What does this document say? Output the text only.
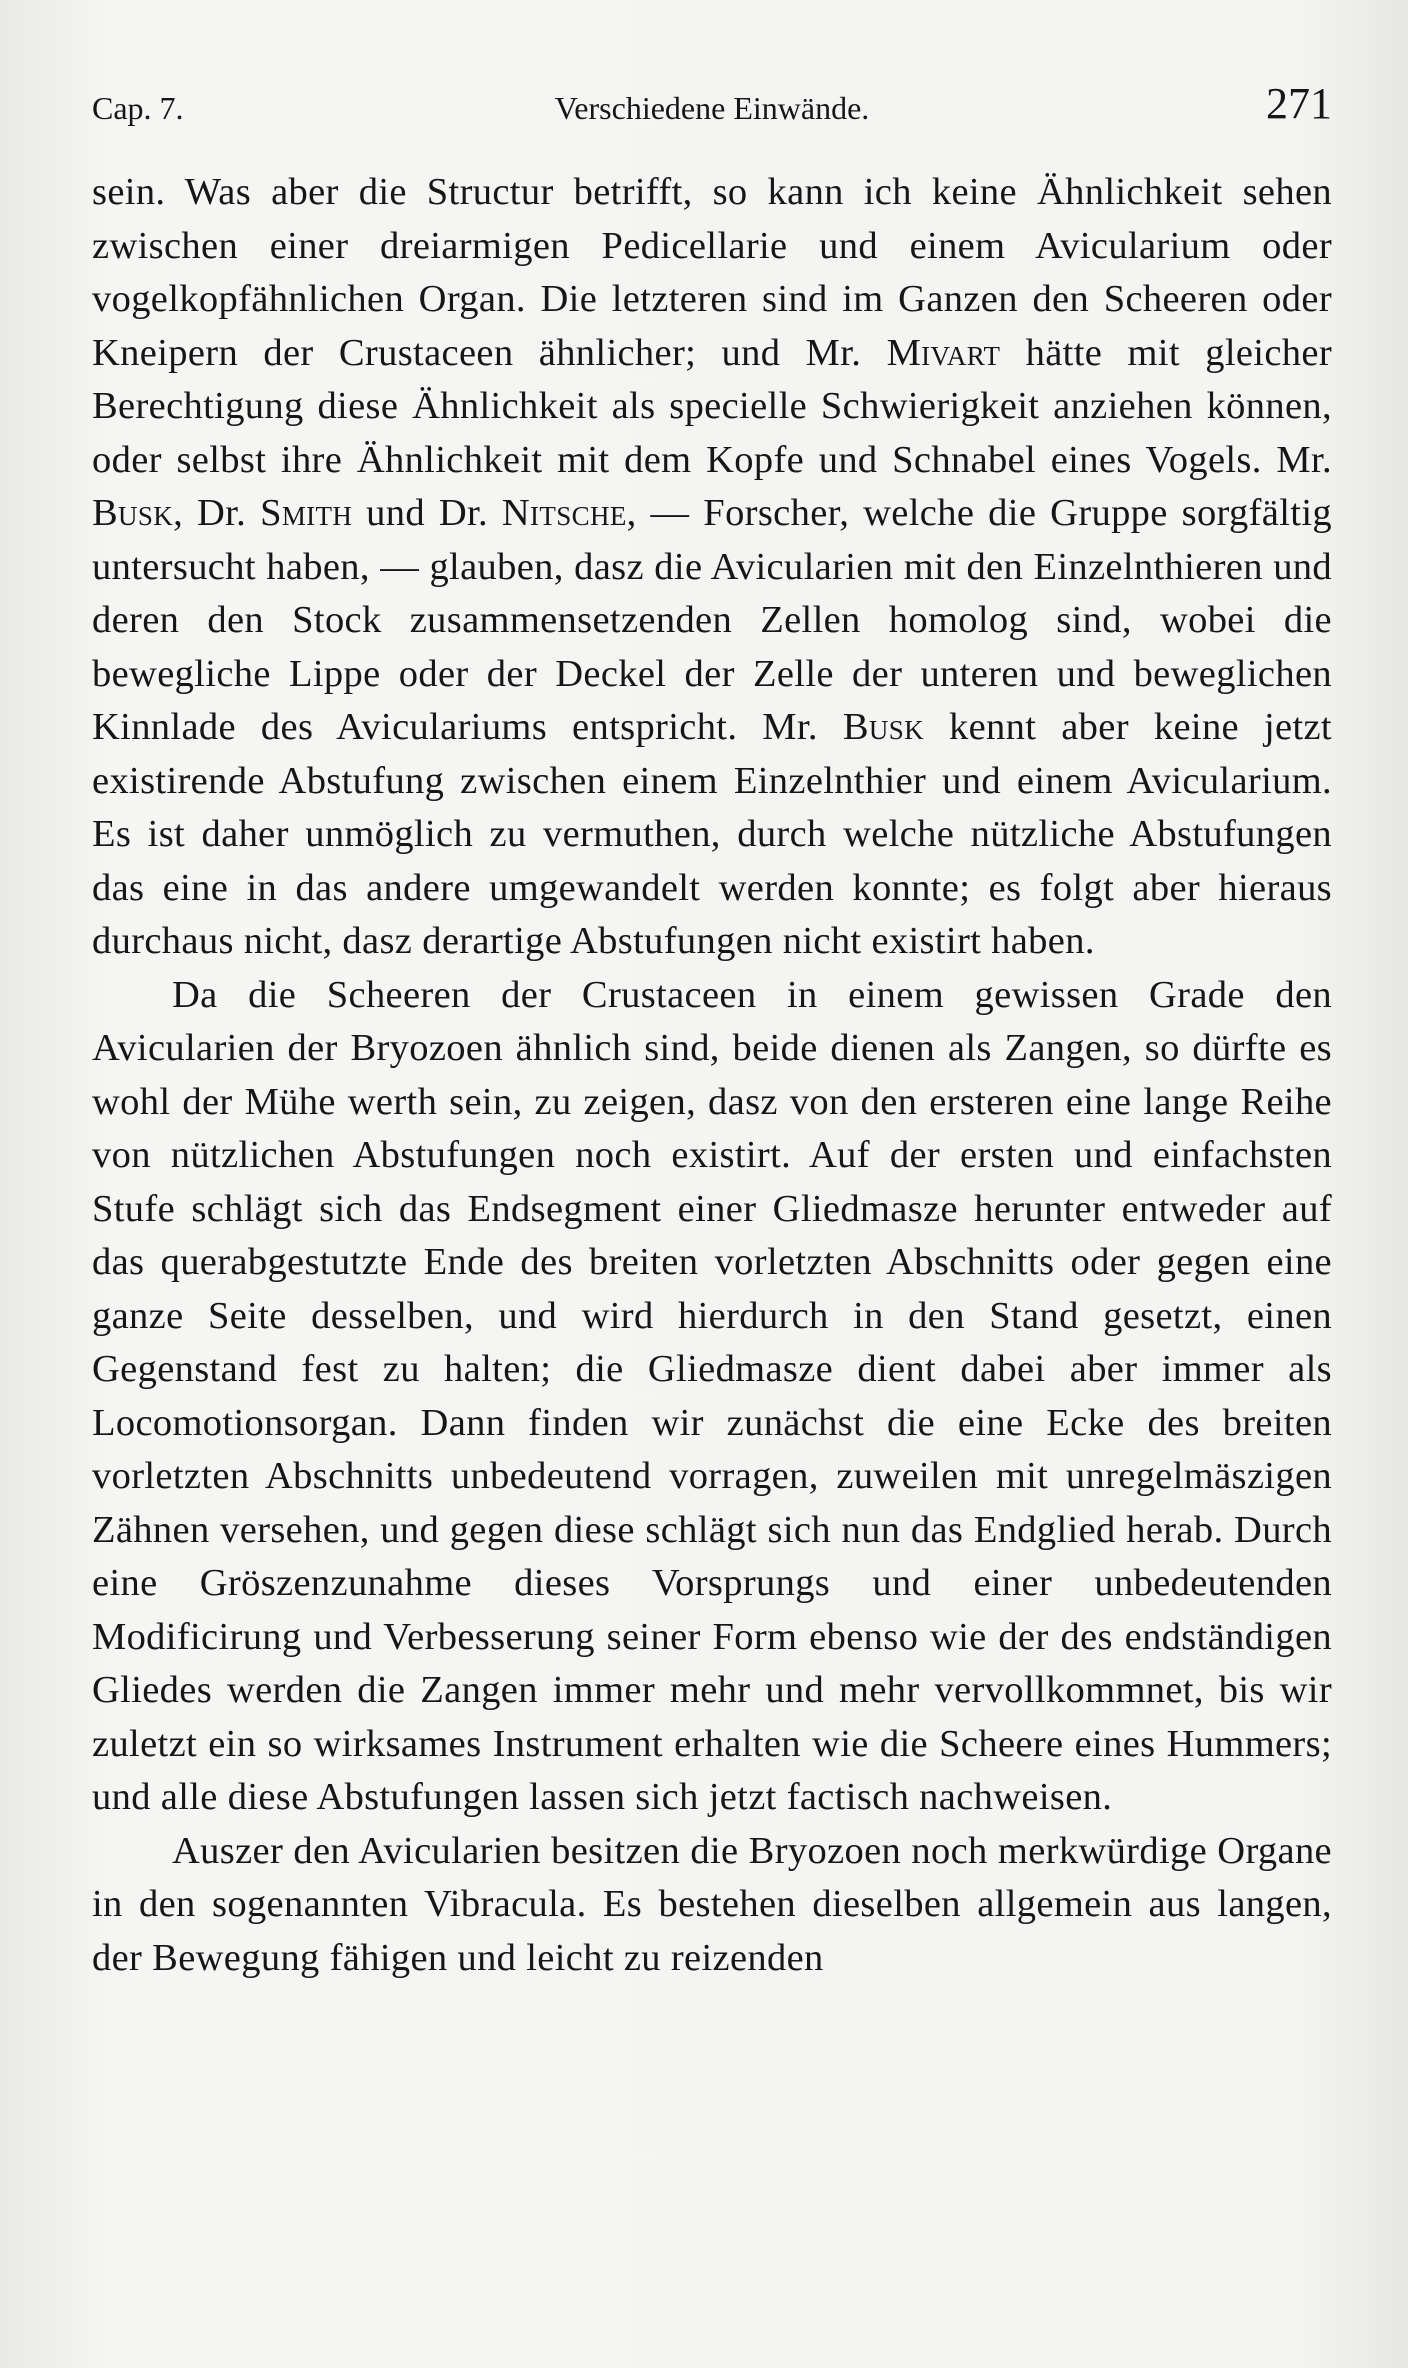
Cap. 7.	Verschiedene Einwände.	271

sein. Was aber die Structur betrifft, so kann ich keine Ähnlichkeit sehen zwischen einer dreiarmigen Pedicellarie und einem Avicularium oder vogelkopfähnlichen Organ. Die letzteren sind im Ganzen den Scheeren oder Kneipern der Crustaceen ähnlicher; und Mr. Mivart hätte mit gleicher Berechtigung diese Ähnlichkeit als specielle Schwierigkeit anziehen können, oder selbst ihre Ähnlichkeit mit dem Kopfe und Schnabel eines Vogels. Mr. Busk, Dr. Smith und Dr. Nitsche, — Forscher, welche die Gruppe sorgfältig untersucht haben, — glauben, dasz die Avicularien mit den Einzelnthieren und deren den Stock zusammensetzenden Zellen homolog sind, wobei die bewegliche Lippe oder der Deckel der Zelle der unteren und beweglichen Kinnlade des Aviculariums entspricht. Mr. Busk kennt aber keine jetzt existirende Abstufung zwischen einem Einzelnthier und einem Avicularium. Es ist daher unmöglich zu vermuthen, durch welche nützliche Abstufungen das eine in das andere umgewandelt werden konnte; es folgt aber hieraus durchaus nicht, dasz derartige Abstufungen nicht existirt haben.

Da die Scheeren der Crustaceen in einem gewissen Grade den Avicularien der Bryozoen ähnlich sind, beide dienen als Zangen, so dürfte es wohl der Mühe werth sein, zu zeigen, dasz von den ersteren eine lange Reihe von nützlichen Abstufungen noch existirt. Auf der ersten und einfachsten Stufe schlägt sich das Endsegment einer Gliedmasze herunter entweder auf das querabgestutzte Ende des breiten vorletzten Abschnitts oder gegen eine ganze Seite desselben, und wird hierdurch in den Stand gesetzt, einen Gegenstand fest zu halten; die Gliedmasze dient dabei aber immer als Locomotionsorgan. Dann finden wir zunächst die eine Ecke des breiten vorletzten Abschnitts unbedeutend vorragen, zuweilen mit unregelmäszigen Zähnen versehen, und gegen diese schlägt sich nun das Endglied herab. Durch eine Gröszenzunahme dieses Vorsprungs und einer unbedeutenden Modificirung und Verbesserung seiner Form ebenso wie der des endständigen Gliedes werden die Zangen immer mehr und mehr vervollkommnet, bis wir zuletzt ein so wirksames Instrument erhalten wie die Scheere eines Hummers; und alle diese Abstufungen lassen sich jetzt factisch nachweisen.

Auszer den Avicularien besitzen die Bryozoen noch merkwürdige Organe in den sogenannten Vibracula. Es bestehen dieselben allgemein aus langen, der Bewegung fähigen und leicht zu reizenden
